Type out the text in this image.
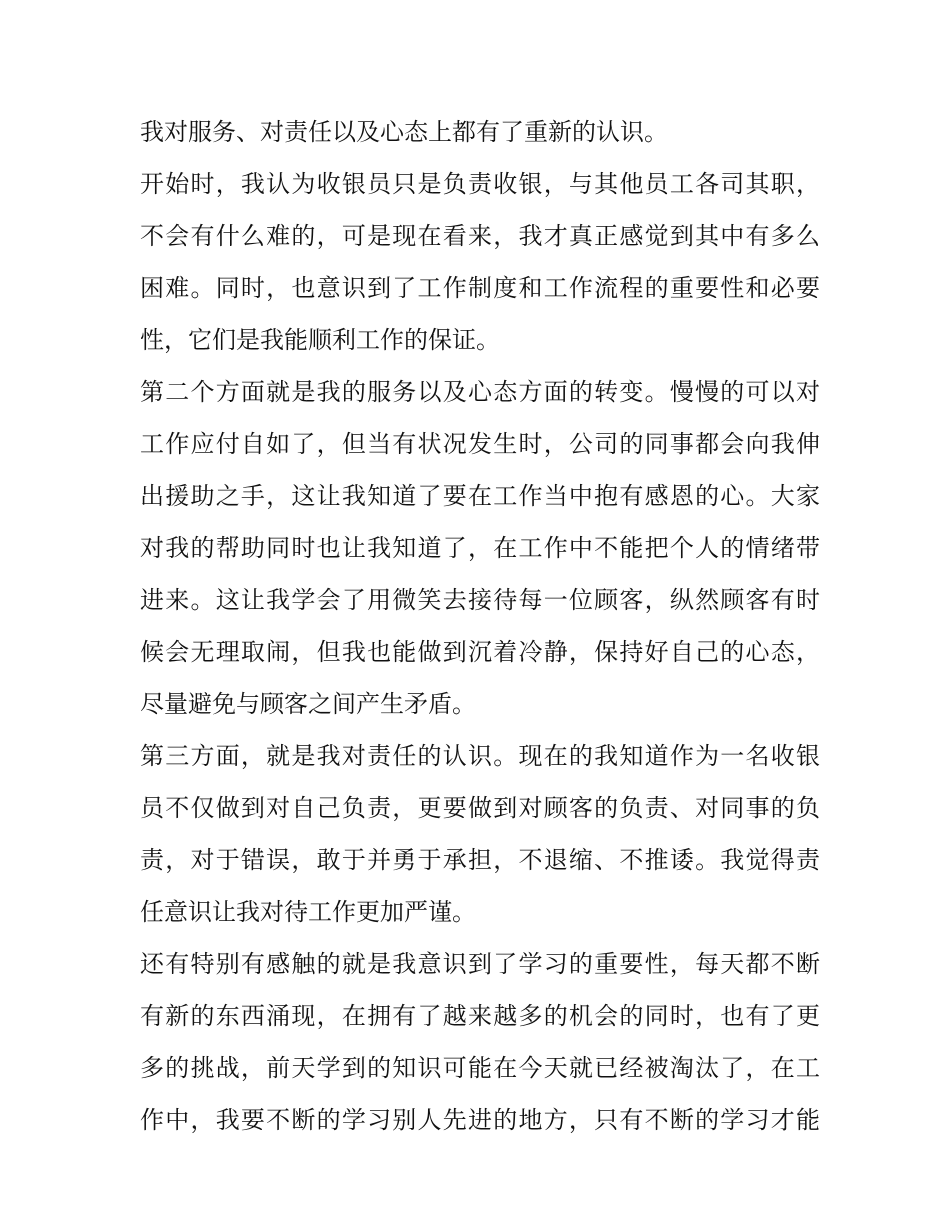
我对服务、对责任以及心态上都有了重新的认识。
开始时，我认为收银员只是负责收银，与其他员工各司其职，
不会有什么难的，可是现在看来，我才真正感觉到其中有多么
困难。同时，也意识到了工作制度和工作流程的重要性和必要
性，它们是我能顺利工作的保证。
第二个方面就是我的服务以及心态方面的转变。慢慢的可以对
工作应付自如了，但当有状况发生时，公司的同事都会向我伸
出援助之手，这让我知道了要在工作当中抱有感恩的心。大家
对我的帮助同时也让我知道了，在工作中不能把个人的情绪带
进来。这让我学会了用微笑去接待每一位顾客，纵然顾客有时
候会无理取闹，但我也能做到沉着冷静，保持好自己的心态，
尽量避免与顾客之间产生矛盾。
第三方面，就是我对责任的认识。现在的我知道作为一名收银
员不仅做到对自己负责，更要做到对顾客的负责、对同事的负
责，对于错误，敢于并勇于承担，不退缩、不推诿。我觉得责
任意识让我对待工作更加严谨。
还有特别有感触的就是我意识到了学习的重要性，每天都不断
有新的东西涌现，在拥有了越来越多的机会的同时，也有了更
多的挑战，前天学到的知识可能在今天就已经被淘汰了，在工
作中，我要不断的学习别人先进的地方，只有不断的学习才能
